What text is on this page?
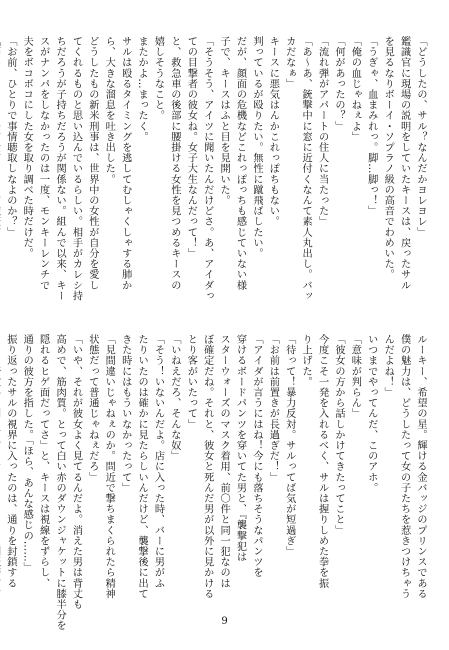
「どうしたの、サル？なんだかヨレヨレ」
鑑識官に現場の説明をしていたキースは、戻ったサル
を見るなりボーイ・ソプラノ級の高音でわめいた。
「うぎゃ、血まみれっ。脚…脚っ！」
「俺の血じゃねぇよ」
「何があったの？」
「流れ弾がアパートの住人に当たった」
「あ〜あ、銃撃中に窓に近付くなんて素人丸出し。バッ
カだなぁ」
キースに悪気はんかこれっぽちもない。
判っているが殴りたい。無性に蹴飛ばしたい。
だが、顔面の危機などこれっぽっちも感じていない様
子で、キースはふと目を見開いた。
「そうそう、アイツに聞いたんだけどさ。あ、アイダっ
ての目撃者の彼女ね。女子大生なんだって！」
と、救急車の後部に腰掛ける女性を見つめるキースの
嬉しそうなこと。
またかよ…まったく。
サルは殴るタイミングを逃してむしゃくしゃする肺か
ら、大きな溜息を吐き出した。
どうしたもの新米刑事は、世界中の女性が自分を愛し
てくれるものと思い込んでいるらしい。相手がカレシ持
ちだろうが子持ちだろうが関係ない。組んで以来、キー
スがナンパをしなかったのは一度、モンキーレンチで
夫をボコボコにした女を取り調べた時だけだ。
「お前、ひとりで事情聴取しなよのか？」
ルーキー、希望の星。輝ける金バッジのプリンスである
僕の魅力は、どうしたって女の子たちを惹きつけちゃう
んだよね！」
いつまでやってんだ、このアホ。
「意味が判らん」
「彼女の方から話しかけてきたってこと」
今度こそ一発を入れるべく、サルは握りしめた拳を振
り上げた。
「待って！暴力反対。サルってば気が短過ぎ」
「お前は前置きが長過ぎだ！」
「アイダが言うにはね！今にも落ちそうなパンツを
穿けるボードパンツを穿いてた男と、『襲撃犯は
スターウォーズのマスク着用、前〇件と同一犯なのは
ぼ確定だね。それと、彼女と死んだ男が以外に見かける
とり客がいたって」
「いねえだろ、そんな奴」
「そう！いないんだよ。店に入った時、バーに男がふ
たりいたのは確かに見たらしいんだけど、襲撃後に出て
きた時にはもういなかったって」
「見間違いじゃねぇのか。問近で撃ちまくられたら精神
状態だって普通じゃねぇだろ」
「いや、それが彼女よく見てるんだよ。消えた男は背丈も
高めで、筋肉質。とって白い赤のダウンジャケットに膝半分を
隠れるヒゲ面だってさ」と、キースは視線をずらし、
通りの彼方を指した。「ほら、あんな感じの……」
振り返ったサルの視界に入ったのは、通りを封鎖する
9
